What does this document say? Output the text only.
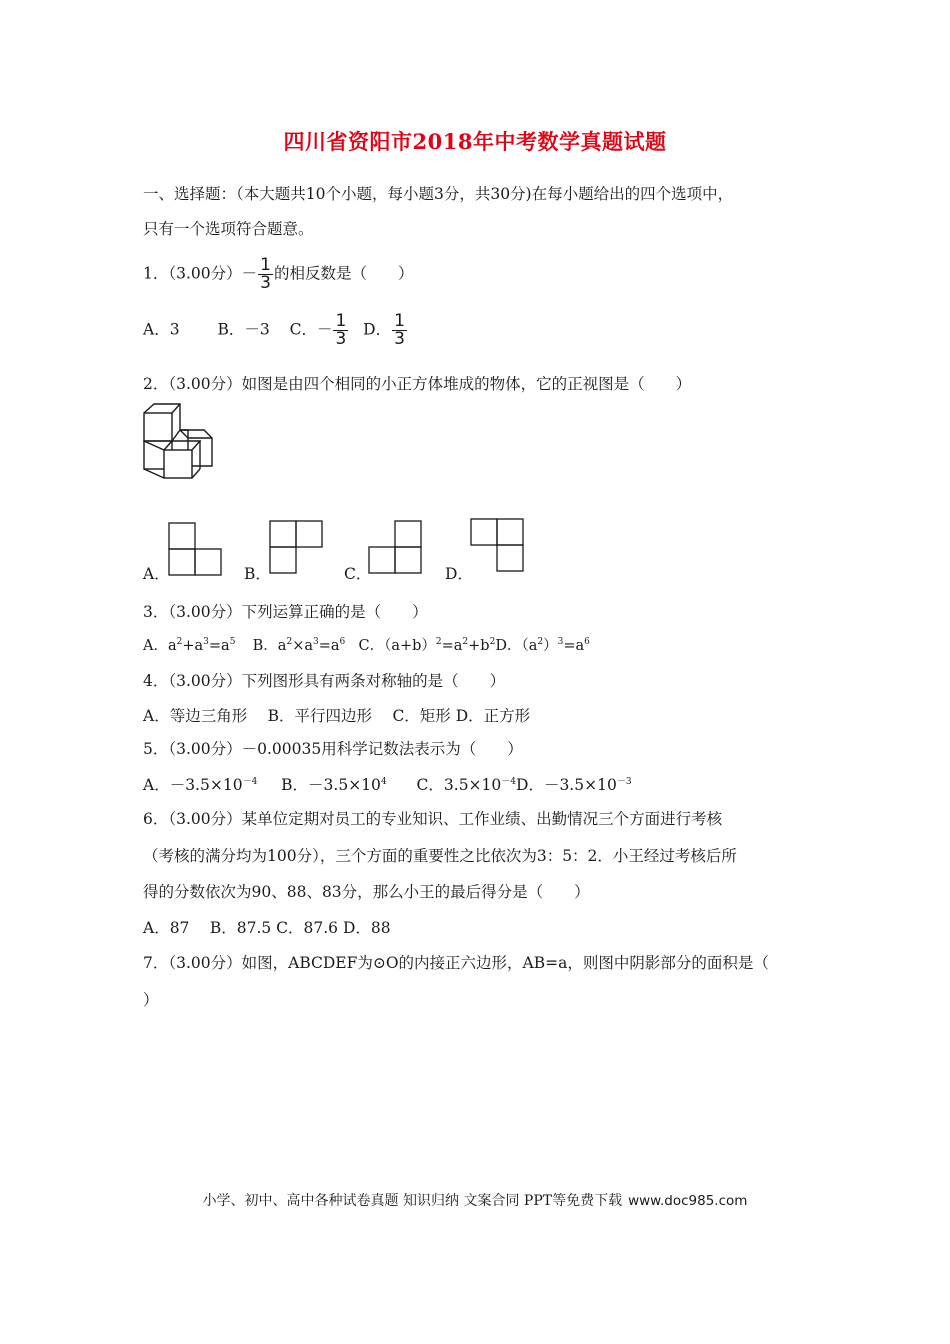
四川省资阳市2018年中考数学真题试题
一、选择题：（本大题共10个小题，每小题3分，共30分)在每小题给出的四个选项中，
只有一个选项符合题意。
1．（3.00分）－ $\frac{1}{3}$ 的相反数是（　　）
A．3 B．－3 C．－ $\frac{1}{3}$ D． $\frac{1}{3}$
2．（3.00分）如图是由四个相同的小正方体堆成的物体，它的正视图是（　　）
A．	B．	C．	D．
3．（3.00分）下列运算正确的是（　　）
A．$a^2+a^3=a^5$ B．$a^2\times a^3=a^6$ C．$(a+b)^2=a^2+b^2D$．$(a^2)^3=a^6$
4．（3.00分）下列图形具有两条对称轴的是（　　）
A．等边三角形　 B．平行四边形　 C．矩形 D．正方形
5．（3.00分）－0.00035用科学记数法表示为（　　）
A．$-3.5\times 10^{-4}$ B．$-3.5\times 10^4$ C．$3.5\times 10^{-4}D$．$-3.5\times 10^{-3}$
6．（3.00分）某单位定期对员工的专业知识、工作业绩、出勤情况三个方面进行考核
（考核的满分均为100分），三个方面的重要性之比依次为3：5：2．小王经过考核后所
得的分数依次为90、88、83分，那么小王的最后得分是（　　）
A．87　 B．87.5 C．87.6 D．88
7．（3.00分）如图，ABCDEF为⊙O的内接正六边形，AB=a，则图中阴影部分的面积是（
）
小学、初中、高中各种试卷真题 知识归纳 文案合同 PPT等免费下载 www.doc985.com
